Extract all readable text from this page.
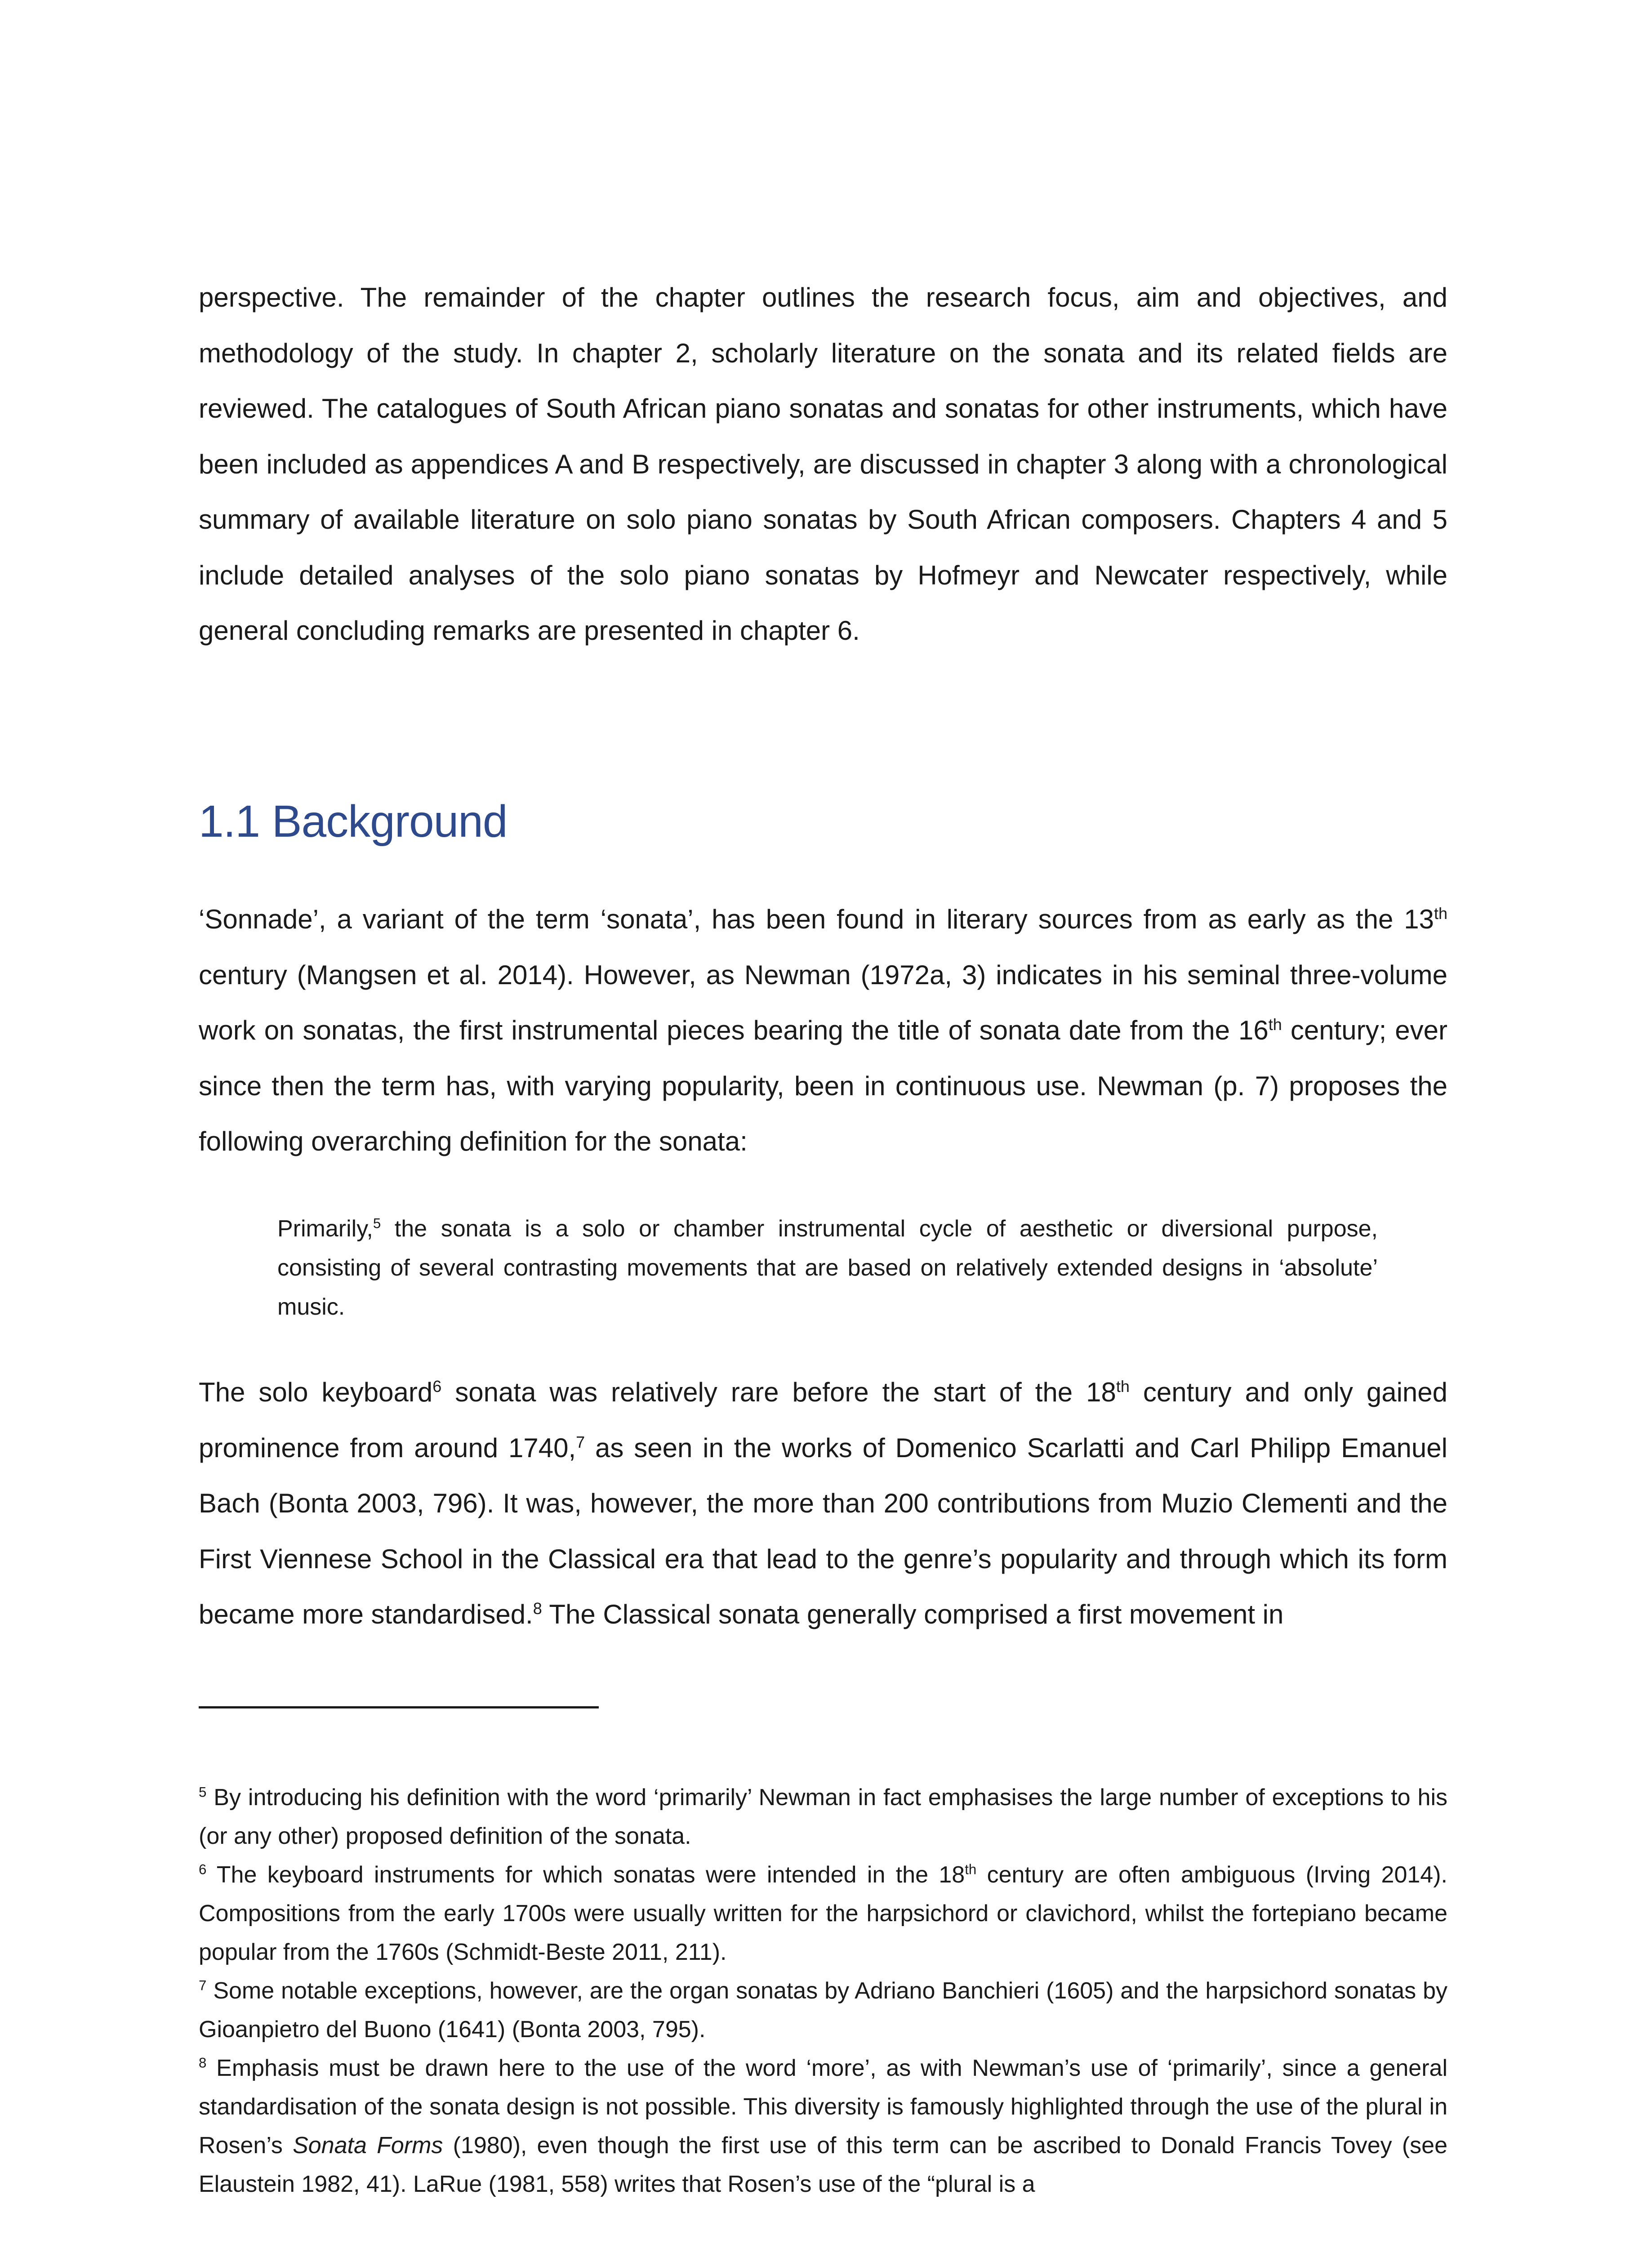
perspective. The remainder of the chapter outlines the research focus, aim and objectives, and methodology of the study. In chapter 2, scholarly literature on the sonata and its related fields are reviewed. The catalogues of South African piano sonatas and sonatas for other instruments, which have been included as appendices A and B respectively, are discussed in chapter 3 along with a chronological summary of available literature on solo piano sonatas by South African composers. Chapters 4 and 5 include detailed analyses of the solo piano sonatas by Hofmeyr and Newcater respectively, while general concluding remarks are presented in chapter 6.

1.1 Background

‘Sonnade’, a variant of the term ‘sonata’, has been found in literary sources from as early as the 13th century (Mangsen et al. 2014). However, as Newman (1972a, 3) indicates in his seminal three-volume work on sonatas, the first instrumental pieces bearing the title of sonata date from the 16th century; ever since then the term has, with varying popularity, been in continuous use. Newman (p. 7) proposes the following overarching definition for the sonata:

Primarily,$^5$ the sonata is a solo or chamber instrumental cycle of aesthetic or diversional purpose, consisting of several contrasting movements that are based on relatively extended designs in ‘absolute’ music.

The solo keyboard$^6$ sonata was relatively rare before the start of the 18th century and only gained prominence from around 1740,$^7$ as seen in the works of Domenico Scarlatti and Carl Philipp Emanuel Bach (Bonta 2003, 796). It was, however, the more than 200 contributions from Muzio Clementi and the First Viennese School in the Classical era that lead to the genre’s popularity and through which its form became more standardised.$^8$ The Classical sonata generally comprised a first movement in

$^5$ By introducing his definition with the word ‘primarily’ Newman in fact emphasises the large number of exceptions to his (or any other) proposed definition of the sonata.

$^6$ The keyboard instruments for which sonatas were intended in the 18th century are often ambiguous (Irving 2014). Compositions from the early 1700s were usually written for the harpsichord or clavichord, whilst the fortepiano became popular from the 1760s (Schmidt-Beste 2011, 211).

$^7$ Some notable exceptions, however, are the organ sonatas by Adriano Banchieri (1605) and the harpsichord sonatas by Gioanpietro del Buono (1641) (Bonta 2003, 795).

$^8$ Emphasis must be drawn here to the use of the word ‘more’, as with Newman’s use of ‘primarily’, since a general standardisation of the sonata design is not possible. This diversity is famously highlighted through the use of the plural in Rosen’s Sonata Forms (1980), even though the first use of this term can be ascribed to Donald Francis Tovey (see Elaustein 1982, 41). LaRue (1981, 558) writes that Rosen’s use of the “plural is a
